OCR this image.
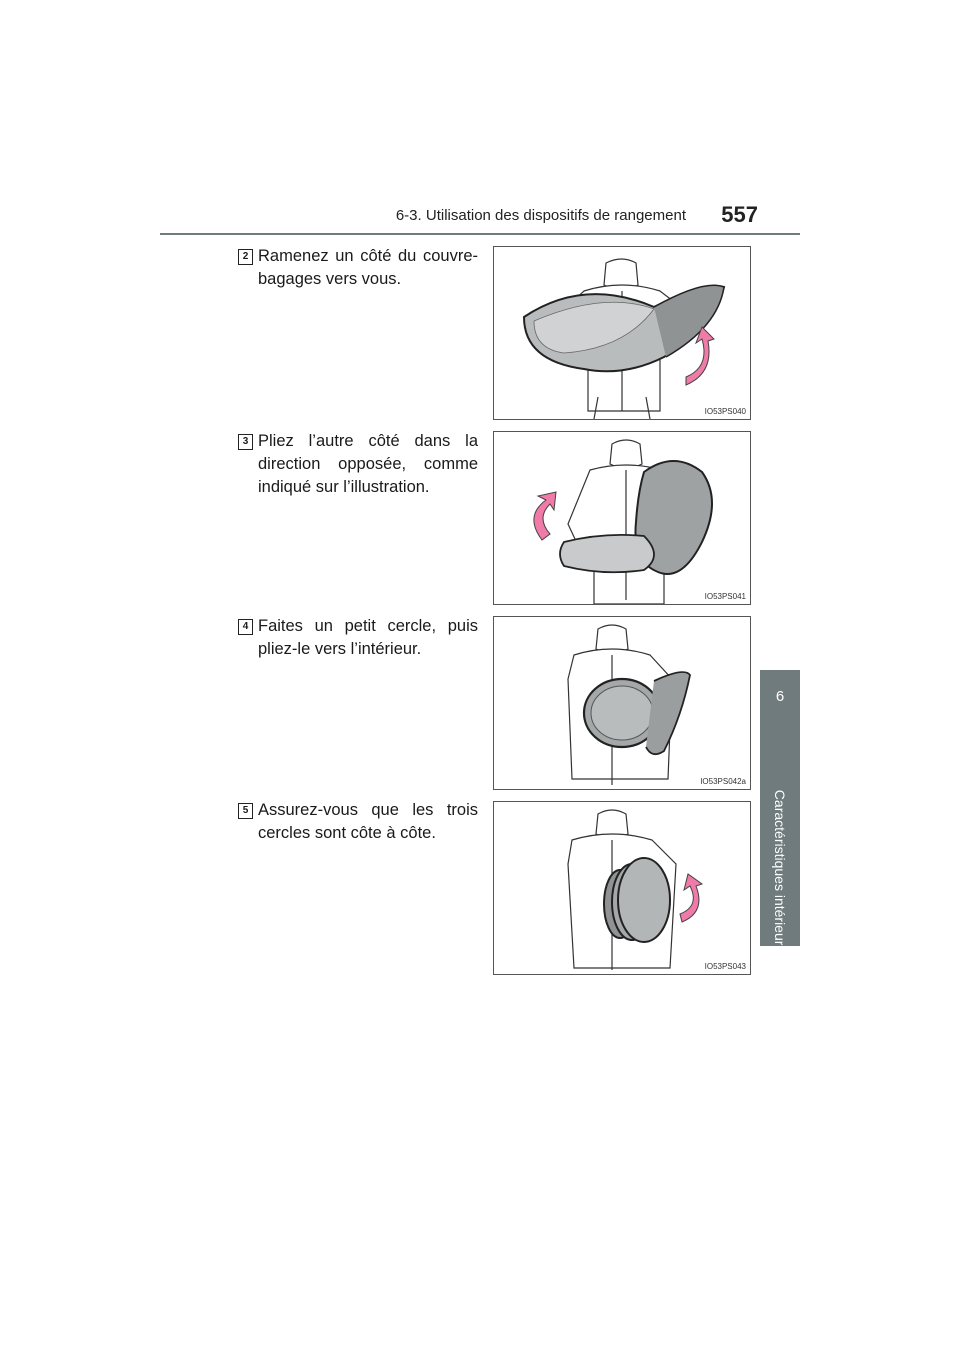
6-3. Utilisation des dispositifs de rangement 557
6
Caractéristiques intérieures
2 Ramenez un côté du couvre-bagages vers vous.
IO53PS040
3 Pliez l’autre côté dans la direction opposée, comme indiqué sur l’illustration.
IO53PS041
4 Faites un petit cercle, puis pliez-le vers l’intérieur.
IO53PS042a
5 Assurez-vous que les trois cercles sont côte à côte.
IO53PS043
